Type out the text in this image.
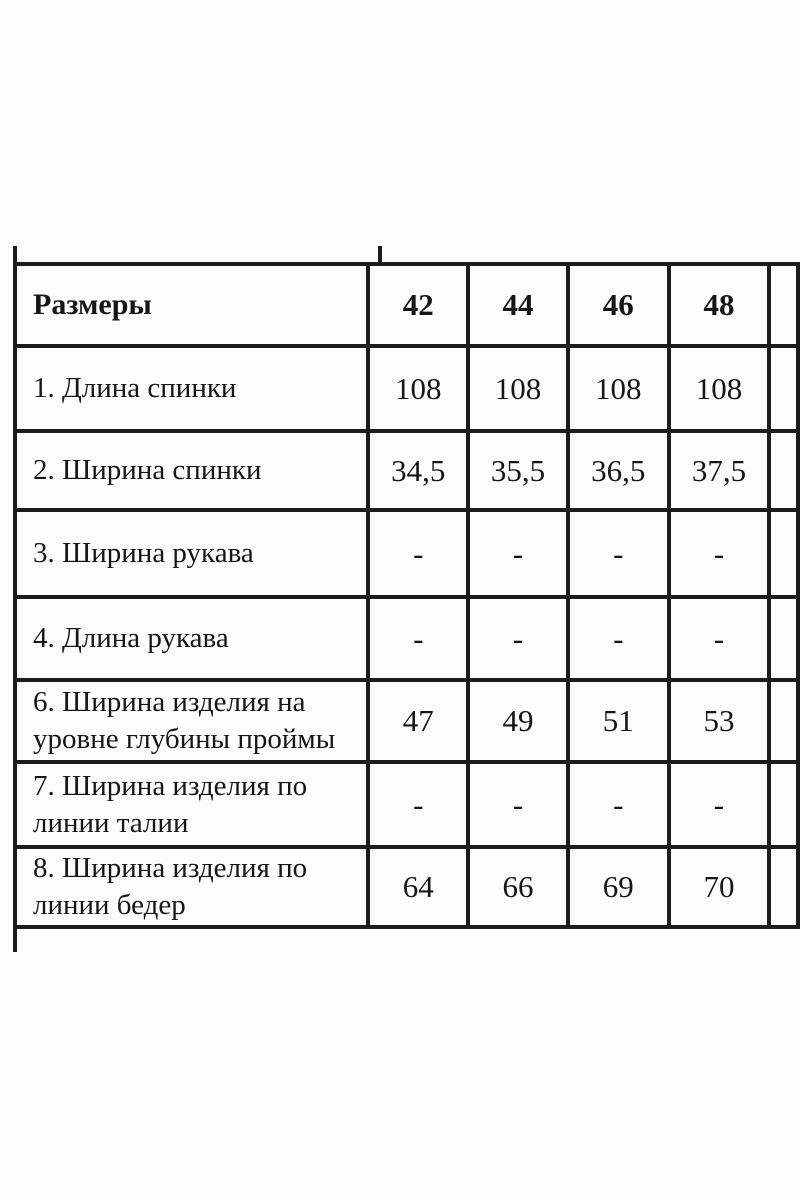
Размеры	42	44	46	48	

1. Длина спинки	108	108	108	108	

2. Ширина спинки	34,5	35,5	36,5	37,5	

3. Ширина рукава	-	-	-	-	

4. Длина рукава	-	-	-	-	

6. Ширина изделия на
уровне глубины проймы	47	49	51	53	

7. Ширина изделия по
линии талии	-	-	-	-	

8. Ширина изделия по
линии бедер	64	66	69	70	
